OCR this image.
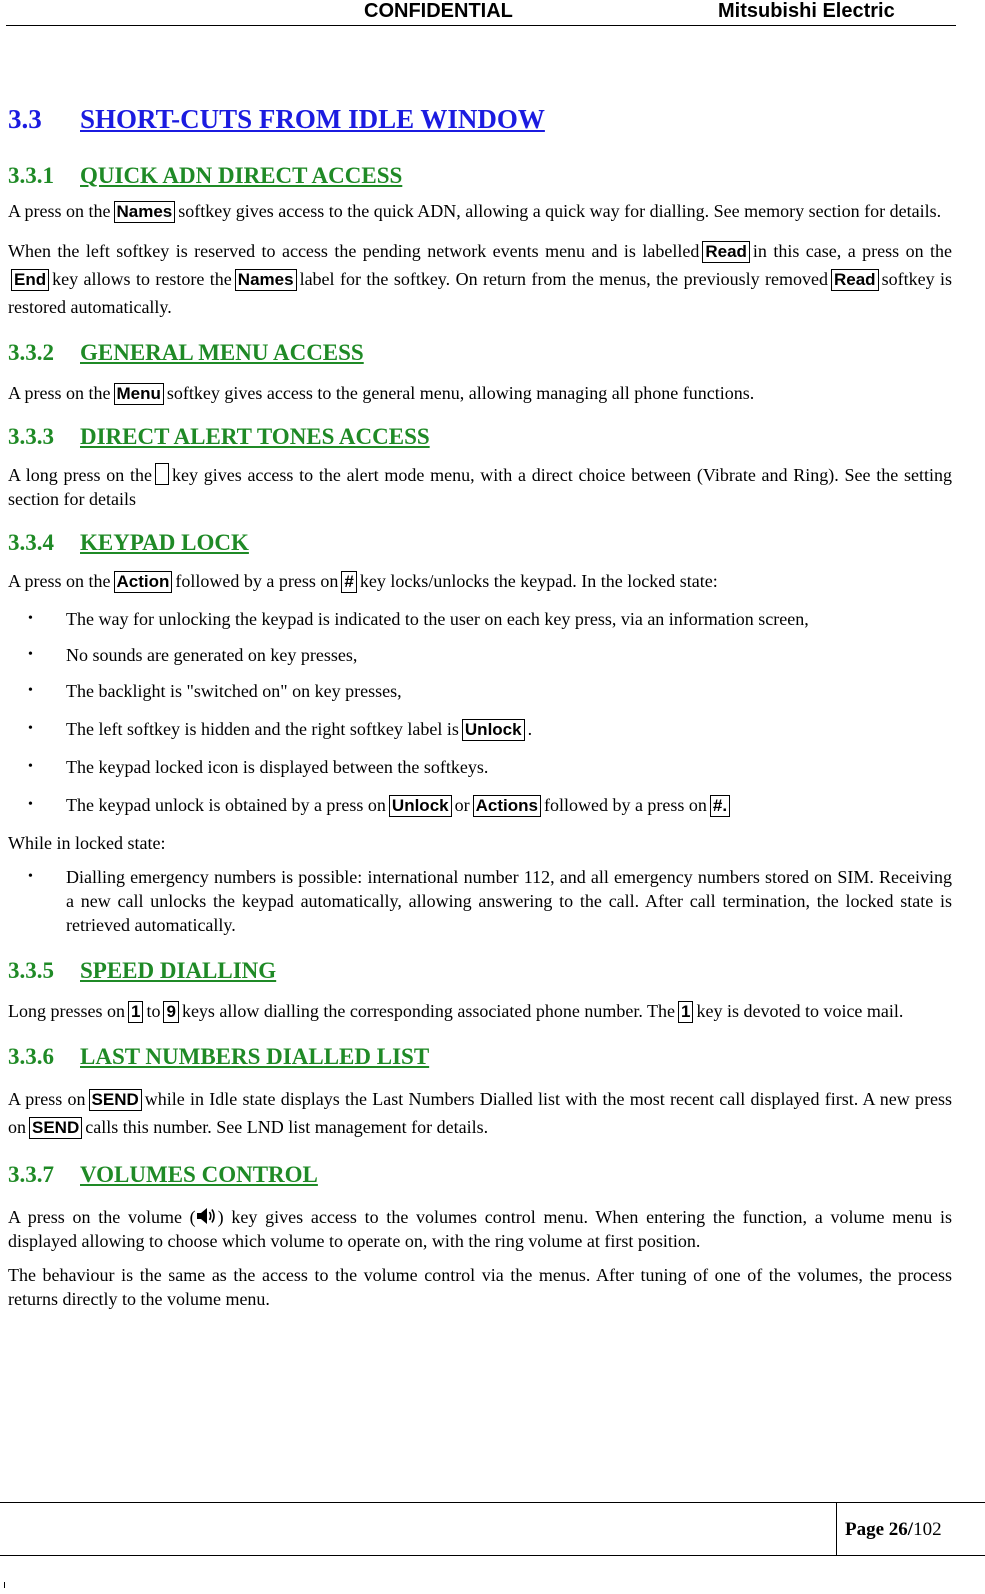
CONFIDENTIAL	Mitsubishi Electric
3.3 SHORT-CUTS FROM IDLE WINDOW
3.3.1 QUICK ADN DIRECT ACCESS

A press on the Names softkey gives access to the quick ADN, allowing a quick way for dialling. See memory section for details.

When the left softkey is reserved to access the pending network events menu and is labelled Read in this case, a press on theEnd key allows to restore the Names label for the softkey. On return from the menus, the previously removed Read softkey is restored automatically.

3.3.2 GENERAL MENU ACCESS

A press on the Menu softkey gives access to the general menu, allowing managing all phone functions.

3.3.3 DIRECT ALERT TONES ACCESS

A long press on the key gives access to the alert mode menu, with a direct choice between (Vibrate and Ring). See the setting section for details

3.3.4 KEYPAD LOCK

A press on the Action followed by a press on # key locks/unlocks the keypad. In the locked state:

• The way for unlocking the keypad is indicated to the user on each key press, via an information screen,
• No sounds are generated on key presses,
• The backlight is "switched on" on key presses,
• The left softkey is hidden and the right softkey label is Unlock .
• The keypad locked icon is displayed between the softkeys.
• The keypad unlock is obtained by a press on Unlock or Actions followed by a press on #.

While in locked state:

• Dialling emergency numbers is possible: international number 112, and all emergency numbers stored on SIM. Receiving a new call unlocks the keypad automatically, allowing answering to the call. After call termination, the locked state is retrieved automatically.
3.3.5 SPEED DIALLING

Long presses on 1 to 9 keys allow dialling the corresponding associated phone number. The 1 key is devoted to voice mail.

3.3.6 LAST NUMBERS DIALLED LIST

A press on SEND while in Idle state displays the Last Numbers Dialled list with the most recent call displayed first. A new press on SEND calls this number. See LND list management for details.

3.3.7 VOLUMES CONTROL

A press on the volume ( ) key gives access to the volumes control menu. When entering the function, a volume menu is displayed allowing to choose which volume to operate on, with the ring volume at first position.

The behaviour is the same as the access to the volume control via the menus. After tuning of one of the volumes, the process returns directly to the volume menu.

Page 26/102
